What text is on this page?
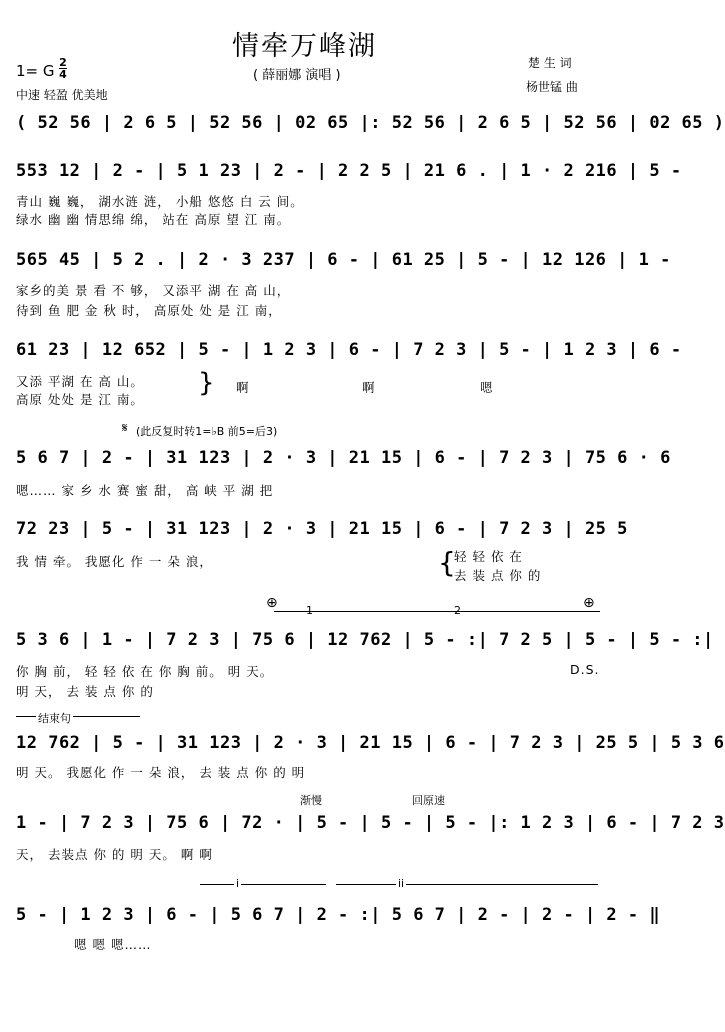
情牵万峰湖
( 薛丽娜 演唱 )
楚 生 词
杨世锰 曲
1= G 2
4
中速 轻盈 优美地
( 52 56 | 2 6 5 | 52 56 | 02 65 |: 52 56 | 2 6 5 | 52 56 | 02 65 )
553 12 | 2 - | 5 1 23 | 2 - | 2 2 5 | 21 6 . | 1 · 2 216 | 5 -
青山 巍 巍， 湖水涟 涟， 小船 悠悠 白 云 间。
绿水 幽 幽 情思绵 绵， 站在 高原 望 江 南。
565 45 | 5 2 . | 2 · 3 237 | 6 - | 61 25 | 5 - | 12 126 | 1 -
家乡的美 景 看 不 够， 又添平 湖 在 高 山，
待到 鱼 肥 金 秋 时， 高原处 处 是 江 南，
61 23 | 12 652 | 5 - | 1 2 3 | 6 - | 7 2 3 | 5 - | 1 2 3 | 6 -
又添 平湖 在 高 山。
高原 处处 是 江 南。
} 啊	啊	嗯
𝄋 (此反复时转1=♭B 前5=后3)
5 6 7 | 2 - | 31 123 | 2 · 3 | 21 15 | 6 - | 7 2 3 | 75 6 · 6
嗯…… 家 乡 水 赛 蜜 甜， 高 峡 平 湖 把
72 23 | 5 - | 31 123 | 2 · 3 | 21 15 | 6 - | 7 2 3 | 25 5
我 情 牵。 我愿化 作 一 朵 浪，	{
轻 轻 依 在
去 装 点 你 的
⊕	⊕
1	2
5 3 6 | 1 - | 7 2 3 | 75 6 | 12 762 | 5 - :| 7 2 5 | 5 - | 5 - :|
你 胸 前， 轻 轻 依 在 你 胸 前。 明 天。
明 天， 去 装 点 你 的
D.S.
结束句
12 762 | 5 - | 31 123 | 2 · 3 | 21 15 | 6 - | 7 2 3 | 25 5 | 5 3 6
明 天。 我愿化 作 一 朵 浪， 去 装 点 你 的 明
渐慢	回原速
1 - | 7 2 3 | 75 6 | 72 · | 5 - | 5 - | 5 - |: 1 2 3 | 6 - | 7 2 3
天， 去装点 你 的 明 天。 啊 啊
i	ii
5 - | 1 2 3 | 6 - | 5 6 7 | 2 - :| 5 6 7 | 2 - | 2 - | 2 - ‖
嗯 嗯 嗯……
